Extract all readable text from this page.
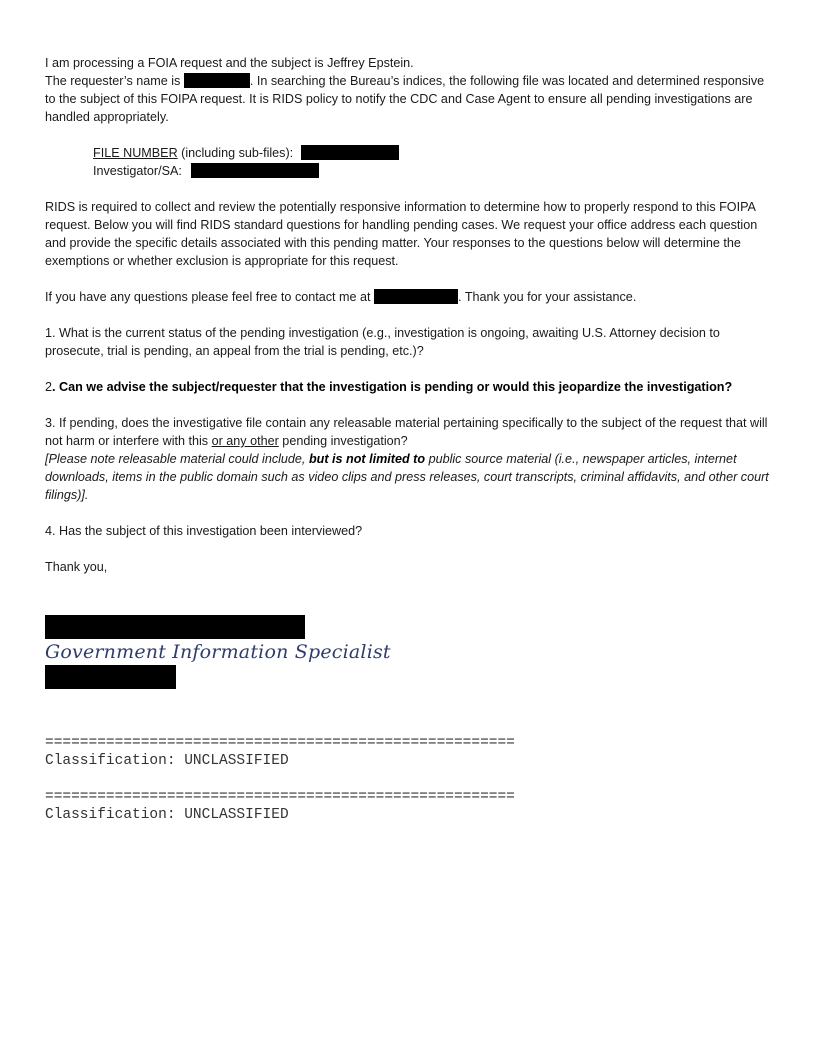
I am processing a FOIA request and the subject is Jeffrey Epstein.

The requester’s name is	. In searching the Bureau’s indices, the following file was located and determined responsive to the subject of this FOIPA request. It is RIDS policy to notify the CDC and Case Agent to ensure all pending investigations are handled appropriately.

FILE NUMBER (including sub-files):

Investigator/SA:

RIDS is required to collect and review the potentially responsive information to determine how to properly respond to this FOIPA request. Below you will find RIDS standard questions for handling pending cases. We request your office address each question and provide the specific details associated with this pending matter. Your responses to the questions below will determine the exemptions or whether exclusion is appropriate for this request.

If you have any questions please feel free to contact me at	. Thank you for your assistance.

1. What is the current status of the pending investigation (e.g., investigation is ongoing, awaiting U.S. Attorney decision to prosecute, trial is pending, an appeal from the trial is pending, etc.)?

2. Can we advise the subject/requester that the investigation is pending or would this jeopardize the investigation?

3. If pending, does the investigative file contain any releasable material pertaining specifically to the subject of the request that will not harm or interfere with this or any other pending investigation?

[Please note releasable material could include, but is not limited to public source material (i.e., newspaper articles, internet downloads, items in the public domain such as video clips and press releases, court transcripts, criminal affidavits, and other court filings)].

4. Has the subject of this investigation been interviewed?

Thank you,

Government Information Specialist
======================================================
Classification: UNCLASSIFIED
======================================================
Classification: UNCLASSIFIED
